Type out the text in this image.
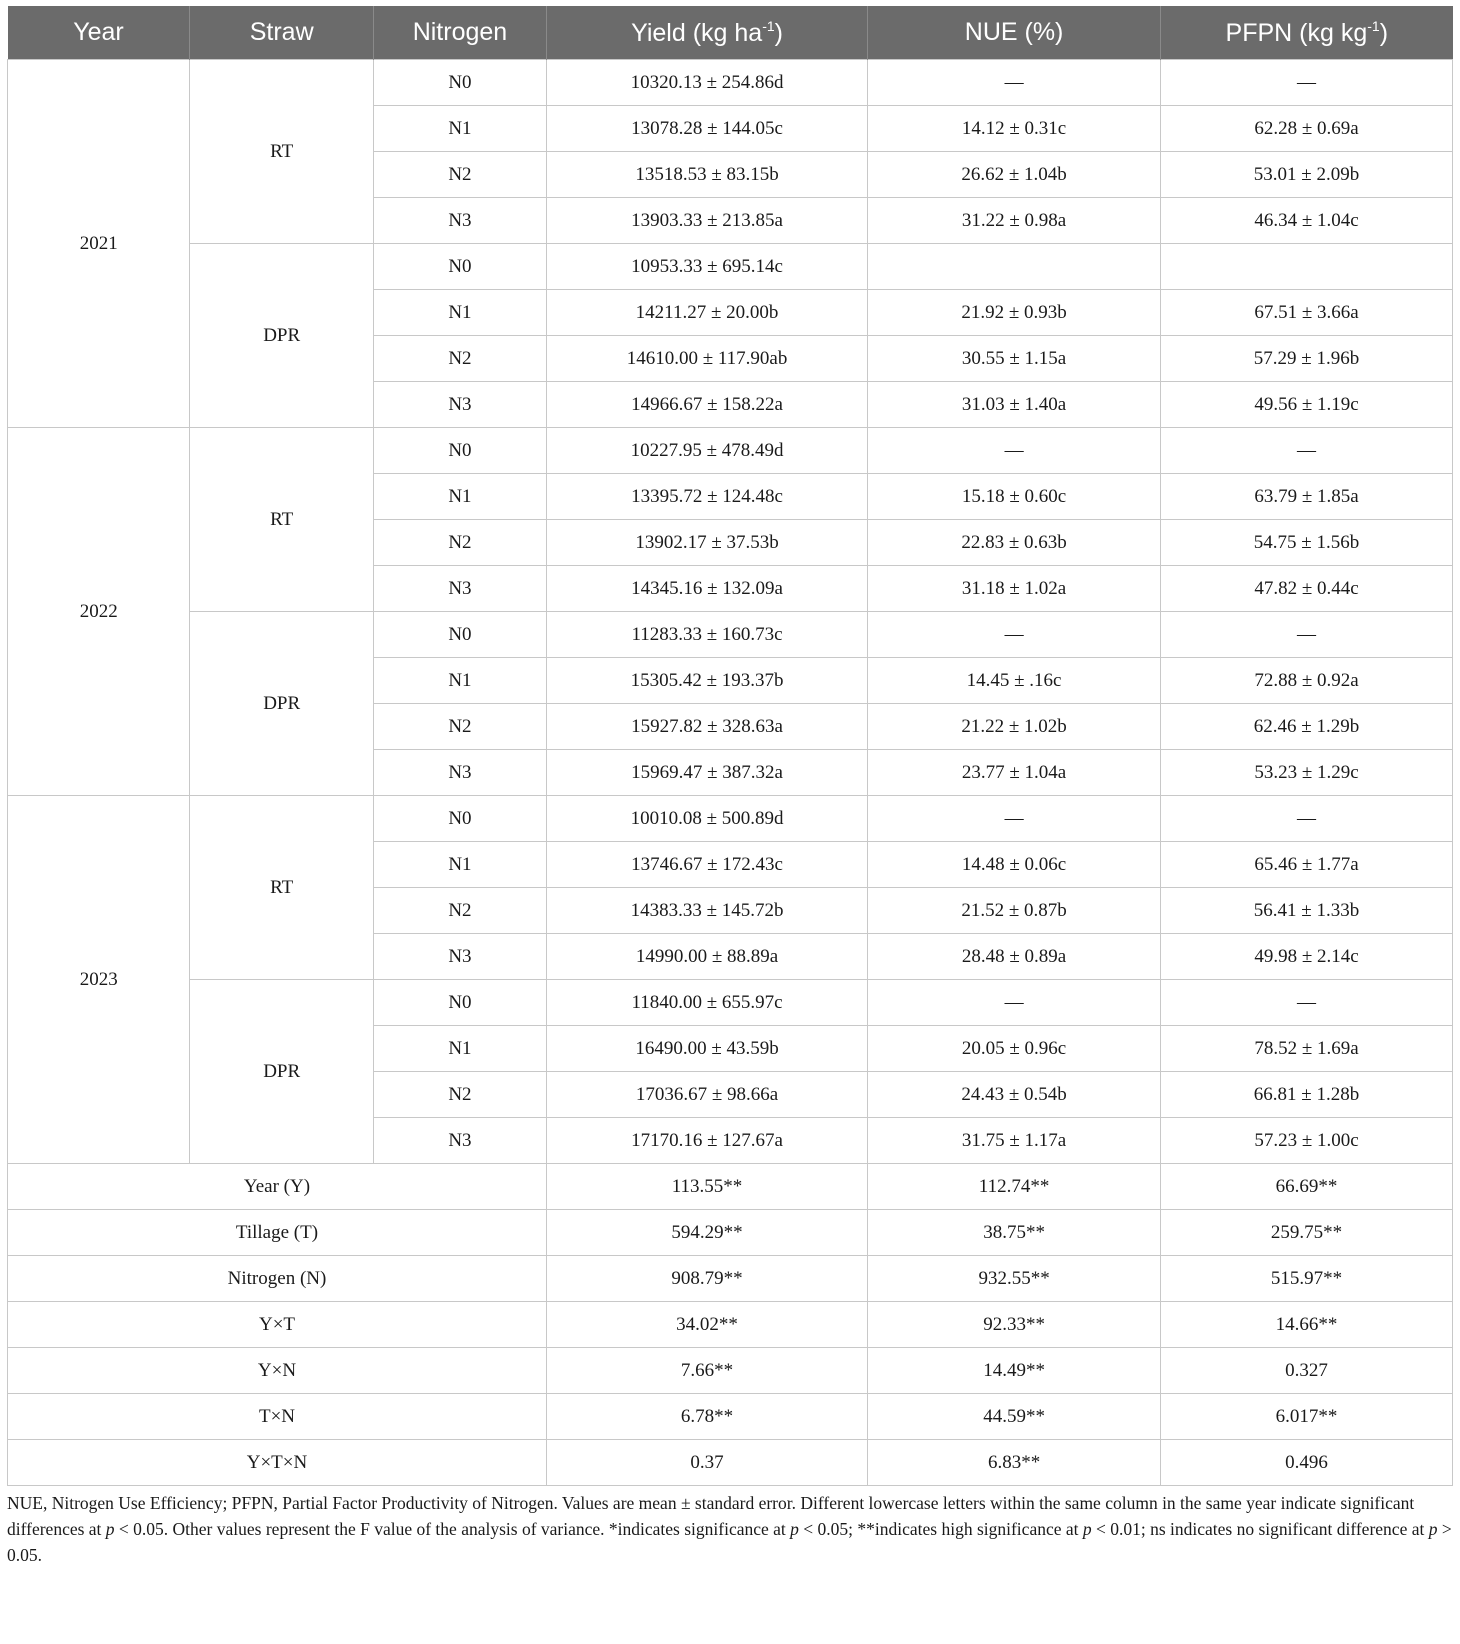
Year	Straw	Nitrogen	Yield (kg $ha^{-1}$)	NUE (%)	PFPN (kg $kg^{-1}$)
2021	RT	N0	10320.13 ± 254.86d	—	—
		N1	13078.28 ± 144.05c	14.12 ± 0.31c	62.28 ± 0.69a
		N2	13518.53 ± 83.15b	26.62 ± 1.04b	53.01 ± 2.09b
		N3	13903.33 ± 213.85a	31.22 ± 0.98a	46.34 ± 1.04c
	DPR	N0	10953.33 ± 695.14c		
		N1	14211.27 ± 20.00b	21.92 ± 0.93b	67.51 ± 3.66a
		N2	14610.00 ± 117.90ab	30.55 ± 1.15a	57.29 ± 1.96b
		N3	14966.67 ± 158.22a	31.03 ± 1.40a	49.56 ± 1.19c
2022	RT	N0	10227.95 ± 478.49d	—	—
		N1	13395.72 ± 124.48c	15.18 ± 0.60c	63.79 ± 1.85a
		N2	13902.17 ± 37.53b	22.83 ± 0.63b	54.75 ± 1.56b
		N3	14345.16 ± 132.09a	31.18 ± 1.02a	47.82 ± 0.44c
	DPR	N0	11283.33 ± 160.73c	—	—
		N1	15305.42 ± 193.37b	14.45 ± .16c	72.88 ± 0.92a
		N2	15927.82 ± 328.63a	21.22 ± 1.02b	62.46 ± 1.29b
		N3	15969.47 ± 387.32a	23.77 ± 1.04a	53.23 ± 1.29c
2023	RT	N0	10010.08 ± 500.89d	—	—
		N1	13746.67 ± 172.43c	14.48 ± 0.06c	65.46 ± 1.77a
		N2	14383.33 ± 145.72b	21.52 ± 0.87b	56.41 ± 1.33b
		N3	14990.00 ± 88.89a	28.48 ± 0.89a	49.98 ± 2.14c
	DPR	N0	11840.00 ± 655.97c	—	—
		N1	16490.00 ± 43.59b	20.05 ± 0.96c	78.52 ± 1.69a
		N2	17036.67 ± 98.66a	24.43 ± 0.54b	66.81 ± 1.28b
		N3	17170.16 ± 127.67a	31.75 ± 1.17a	57.23 ± 1.00c
Year (Y)			113.55**	112.74**	66.69**
Tillage (T)			594.29**	38.75**	259.75**
Nitrogen (N)			908.79**	932.55**	515.97**
Y×T			34.02**	92.33**	14.66**
Y×N			7.66**	14.49**	0.327
T×N			6.78**	44.59**	6.017**
Y×T×N			0.37	6.83**	0.496
NUE, Nitrogen Use Efficiency; PFPN, Partial Factor Productivity of Nitrogen. Values are mean ± standard error. Different lowercase letters within the same column in the same year indicate significant differences at p < 0.05. Other values represent the F value of the analysis of variance. *indicates significance at p < 0.05; **indicates high significance at p < 0.01; ns indicates no significant difference at p > 0.05.
